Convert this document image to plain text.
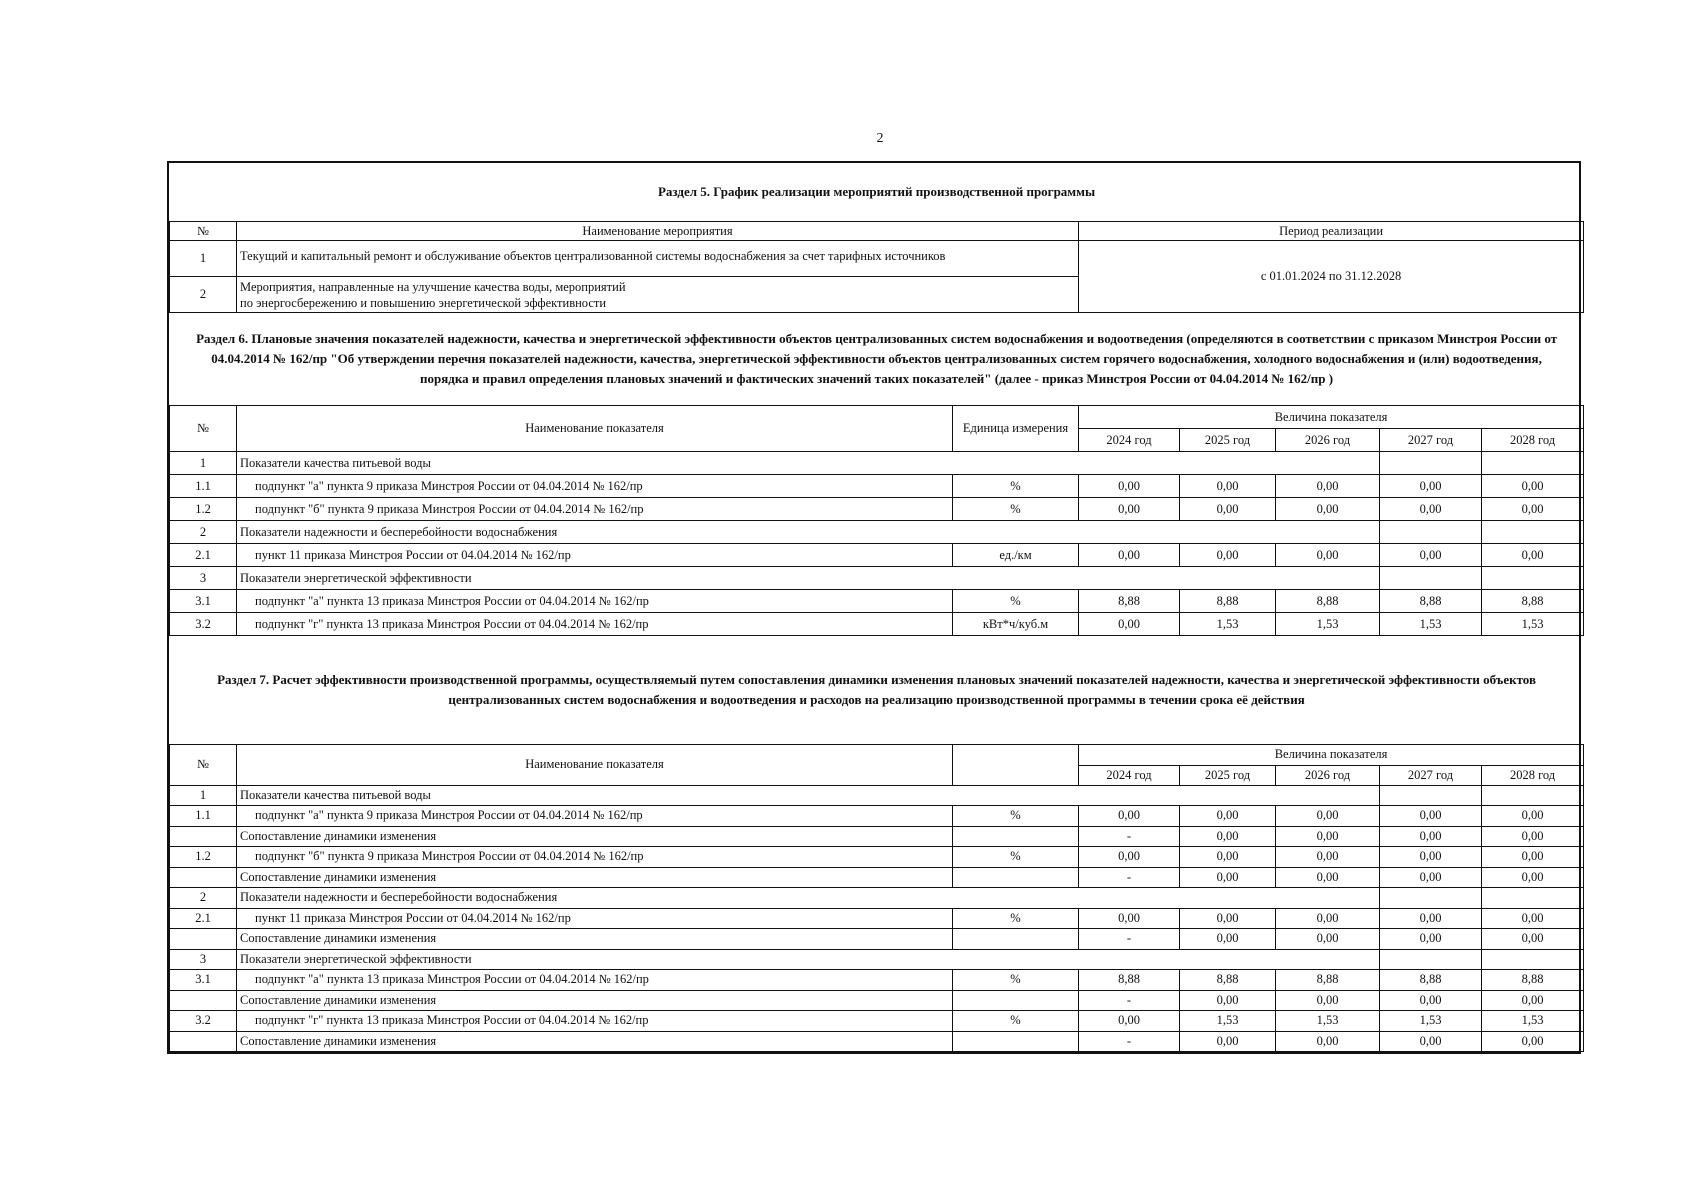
2
Раздел 5. График реализации мероприятий производственной программы							
№	Наименование мероприятия		Период реализации				
1	Текущий и капитальный ремонт и обслуживание объектов централизованной системы водоснабжения за счет тарифных источников		с 01.01.2024 по 31.12.2028				
2	Мероприятия, направленные на улучшение качества воды, мероприятий
по энергосбережению и повышению энергетической эффективности						
Раздел 6. Плановые значения показателей надежности, качества и энергетической эффективности объектов централизованных систем водоснабжения и водоотведения (определяются в соответствии с приказом Минстроя России от 04.04.2014 № 162/пр "Об утверждении перечня показателей надежности, качества, энергетической эффективности объектов централизованных систем горячего водоснабжения, холодного водоснабжения и (или) водоотведения, порядка и правил определения плановых значений и фактических значений таких показателей" (далее - приказ Минстроя России от 04.04.2014 № 162/пр )							
№	Наименование показателя	Единица измерения	Величина показателя				
			2024 год	2025 год	2026 год	2027 год	2028 год
1	Показатели качества питьевой воды						
1.1	подпункт "а" пункта 9 приказа Минстроя России от 04.04.2014 № 162/пр	%	0,00	0,00	0,00	0,00	0,00
1.2	подпункт "б" пункта 9 приказа Минстроя России от 04.04.2014 № 162/пр	%	0,00	0,00	0,00	0,00	0,00
2	Показатели надежности и бесперебойности водоснабжения						
2.1	пункт 11 приказа Минстроя России от 04.04.2014 № 162/пр	ед./км	0,00	0,00	0,00	0,00	0,00
3	Показатели энергетической эффективности						
3.1	подпункт "а" пункта 13 приказа Минстроя России от 04.04.2014 № 162/пр	%	8,88	8,88	8,88	8,88	8,88
3.2	подпункт "г" пункта 13 приказа Минстроя России от 04.04.2014 № 162/пр	кВт*ч/куб.м	0,00	1,53	1,53	1,53	1,53
Раздел 7. Расчет эффективности производственной программы, осуществляемый путем сопоставления динамики изменения плановых значений показателей надежности, качества и энергетической эффективности объектов централизованных систем водоснабжения и водоотведения и расходов на реализацию производственной программы в течении срока её действия							
№	Наименование показателя		Величина показателя				
			2024 год	2025 год	2026 год	2027 год	2028 год
1	Показатели качества питьевой воды						
1.1	подпункт "а" пункта 9 приказа Минстроя России от 04.04.2014 № 162/пр	%	0,00	0,00	0,00	0,00	0,00
	Сопоставление динамики изменения		-	0,00	0,00	0,00	0,00
1.2	подпункт "б" пункта 9 приказа Минстроя России от 04.04.2014 № 162/пр	%	0,00	0,00	0,00	0,00	0,00
	Сопоставление динамики изменения		-	0,00	0,00	0,00	0,00
2	Показатели надежности и бесперебойности водоснабжения						
2.1	пункт 11 приказа Минстроя России от 04.04.2014 № 162/пр	%	0,00	0,00	0,00	0,00	0,00
	Сопоставление динамики изменения		-	0,00	0,00	0,00	0,00
3	Показатели энергетической эффективности						
3.1	подпункт "а" пункта 13 приказа Минстроя России от 04.04.2014 № 162/пр	%	8,88	8,88	8,88	8,88	8,88
	Сопоставление динамики изменения		-	0,00	0,00	0,00	0,00
3.2	подпункт "г" пункта 13 приказа Минстроя России от 04.04.2014 № 162/пр	%	0,00	1,53	1,53	1,53	1,53
	Сопоставление динамики изменения		-	0,00	0,00	0,00	0,00
